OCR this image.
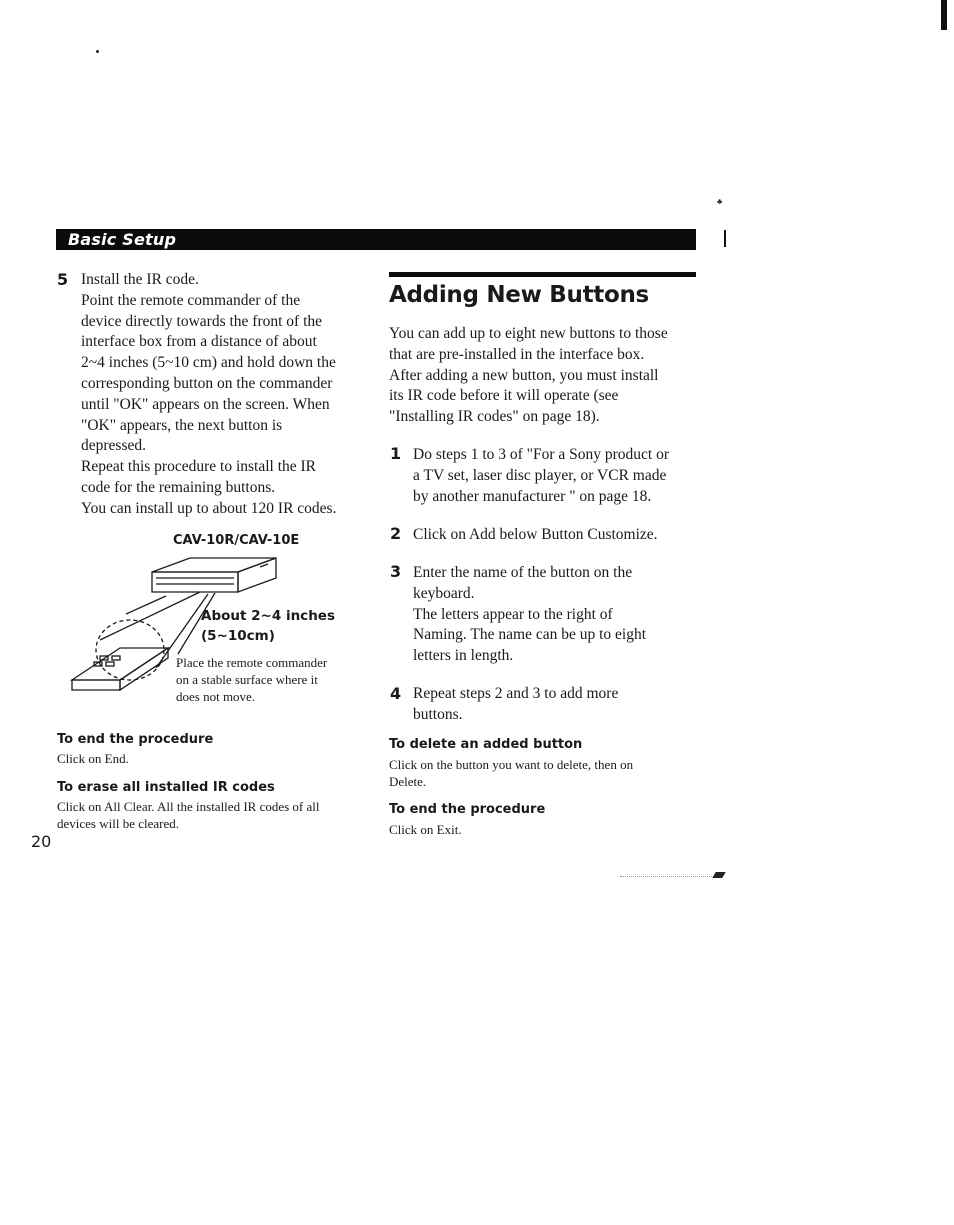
♣
Basic Setup
5 Install the IR code.

Point the remote commander of the

device directly towards the front of the

interface box from a distance of about

2~4 inches (5~10 cm) and hold down the

corresponding button on the commander

until "OK" appears on the screen. When

"OK" appears, the next button is

depressed.

Repeat this procedure to install the IR

code for the remaining buttons.

You can install up to about 120 IR codes.

CAV-10R/CAV-10E

About 2~4 inches

(5~10cm)

Place the remote commander

on a stable surface where it

does not move.

To end the procedure
Click on End.
To erase all installed IR codes

Click on All Clear. All the installed IR codes of all

devices will be cleared.

20
Adding New Buttons

You can add up to eight new buttons to those

that are pre-installed in the interface box.

After adding a new button, you must install

its IR code before it will operate (see

"Installing IR codes" on page 18).

1 Do steps 1 to 3 of "For a Sony product or

a TV set, laser disc player, or VCR made

by another manufacturer " on page 18.

2 Click on Add below Button Customize.

3 Enter the name of the button on the

keyboard.

The letters appear to the right of

Naming. The name can be up to eight

letters in length.

4 Repeat steps 2 and 3 to add more

buttons.

To delete an added button

Click on the button you want to delete, then on

Delete.

To end the procedure
Click on Exit.
